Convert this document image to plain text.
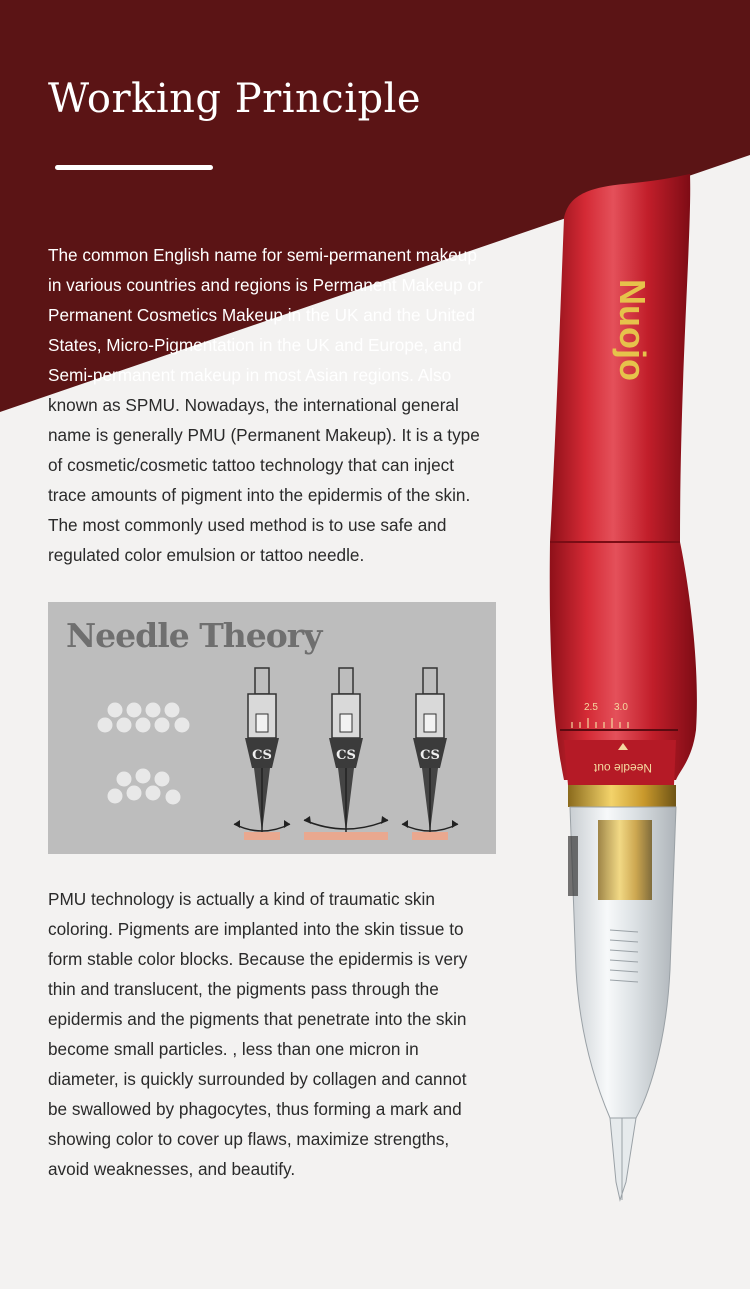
Working Principle

The common English name for semi-permanent makeup
in various countries and regions is Permanent Makeup or
Permanent Cosmetics Makeup in the UK and the United
States, Micro-Pigmentation in the UK and Europe, and
Semi-permanent makeup in most Asian regions. Also
known as SPMU. Nowadays, the international general
name is generally PMU (Permanent Makeup). It is a type
of cosmetic/cosmetic tattoo technology that can inject
trace amounts of pigment into the epidermis of the skin.
The most commonly used method is to use safe and
regulated color emulsion or tattoo needle.

CS	CS	CS
Needle Theory

PMU technology is actually a kind of traumatic skin
coloring. Pigments are implanted into the skin tissue to
form stable color blocks. Because the epidermis is very
thin and translucent, the pigments pass through the
epidermis and the pigments that penetrate into the skin
become small particles. , less than one micron in
diameter, is quickly surrounded by collagen and cannot
be swallowed by phagocytes, thus forming a mark and
showing color to cover up flaws, maximize strengths,
avoid weaknesses, and beautify.

Nuojo
2.5 3.0
Needle out
